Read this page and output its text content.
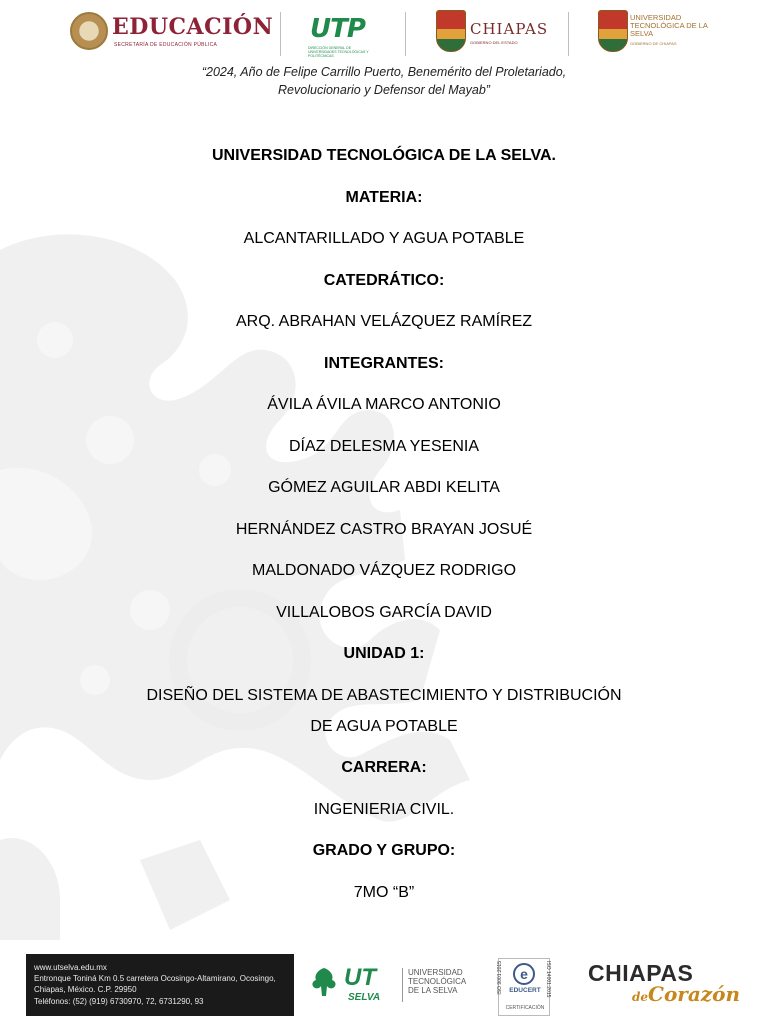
EDUCACIÓN
SECRETARÍA DE EDUCACIÓN PÚBLICA
UTP
DIRECCIÓN GENERAL DE UNIVERSIDADES TECNOLÓGICAS Y POLITÉCNICAS
CHIAPAS
GOBIERNO DEL ESTADO
UNIVERSIDAD TECNOLÓGICA DE LA SELVA
GOBIERNO DE CHIAPAS
“2024, Año de Felipe Carrillo Puerto, Benemérito del Proletariado,
Revolucionario y Defensor del Mayab”

UNIVERSIDAD TECNOLÓGICA DE LA SELVA.

MATERIA:

ALCANTARILLADO Y AGUA POTABLE

CATEDRÁTICO:

ARQ. ABRAHAN VELÁZQUEZ RAMÍREZ

INTEGRANTES:

ÁVILA ÁVILA MARCO ANTONIO

DÍAZ DELESMA YESENIA

GÓMEZ AGUILAR ABDI KELITA

HERNÁNDEZ CASTRO BRAYAN JOSUÉ

MALDONADO VÁZQUEZ RODRIGO

VILLALOBOS GARCÍA DAVID

UNIDAD 1:

DISEÑO DEL SISTEMA DE ABASTECIMIENTO Y DISTRIBUCIÓN

DE AGUA POTABLE

CARRERA:

INGENIERIA CIVIL.

GRADO Y GRUPO:

7MO “B”

www.utselva.edu.mx
Entronque Toniná Km 0.5 carretera Ocosingo-Altamirano, Ocosingo,
Chiapas, México. C.P. 29950
Teléfonos: (52) (919) 6730970, 72, 6731290, 93
UT
SELVA
UNIVERSIDAD TECNOLÓGICA DE LA SELVA	ISO 9001:2015	e
EDUCERT
CERTIFICACIÓN
ISO 14001:2015 CHIAPAS
deCorazón
